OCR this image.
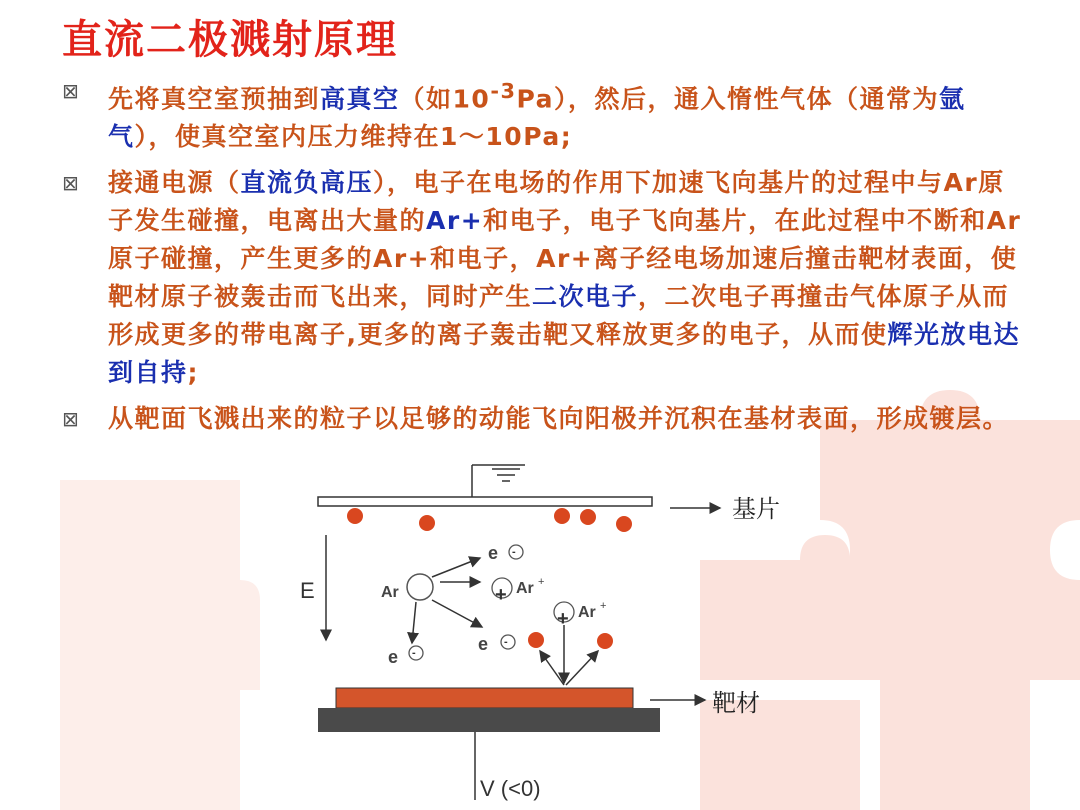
直流二极溅射原理
⊠	先将真空室预抽到高真空（如$10^{-3}Pa$），然后，通入惰性气体（通常为氩气），使真空室内压力维持在1～10Pa;

⊠	接通电源（直流负高压），电子在电场的作用下加速飞向基片的过程中与Ar原子发生碰撞，电离出大量的Ar+和电子，电子飞向基片，在此过程中不断和Ar原子碰撞，产生更多的Ar+和电子，Ar+离子经电场加速后撞击靶材表面，使靶材原子被轰击而飞出来，同时产生二次电子，二次电子再撞击气体原子从而形成更多的带电离子,更多的离子轰击靶又释放更多的电子，从而使辉光放电达到自持;

⊠	从靶面飞溅出来的粒子以足够的动能飞向阳极并沉积在基材表面，形成镀层。

基片
E	Ar
e -
e -
e -
+ Ar +
+ Ar +
靶材
V (<0)
